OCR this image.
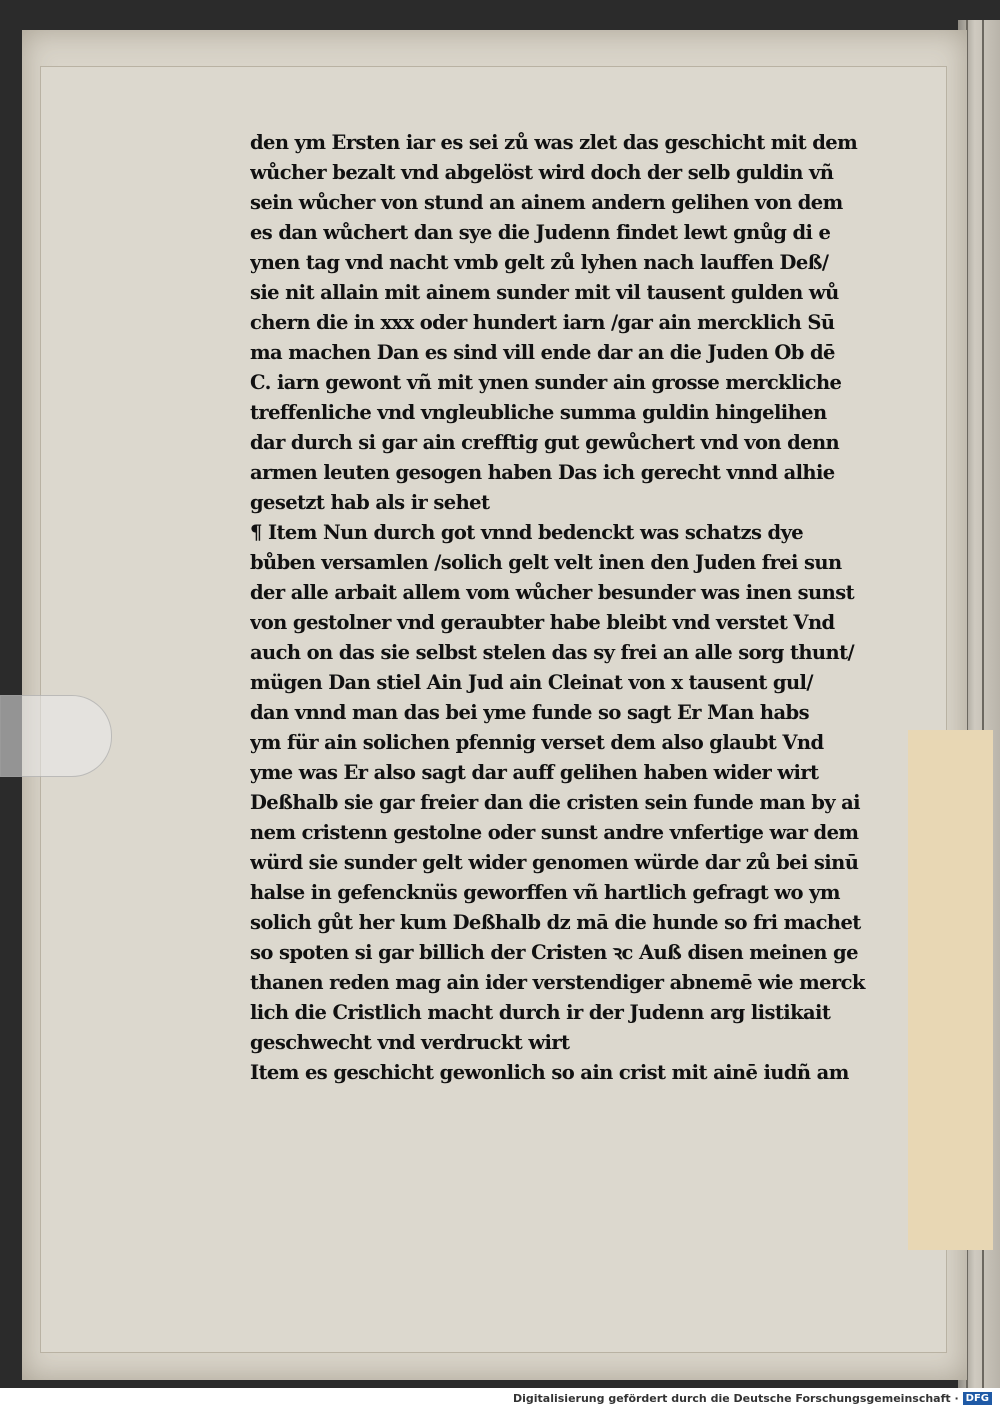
den ym Ersten iar es sei zů was zlet das geschicht mit dem
wůcher bezalt vnd abgelöst wird doch der selb guldin vñ
sein wůcher von stund an ainem andern gelihen von dem
es dan wůchert dan sye die Judenn findet lewt gnůg di e
ynen tag vnd nacht vmb gelt zů lyhen nach lauffen Deß/
sie nit allain mit ainem sunder mit vil tausent gulden wů
chern die in xxx oder hundert iarn /gar ain mercklich Sū
ma machen Dan es sind vill ende dar an die Juden Ob dē
C. iarn gewont vñ mit ynen sunder ain grosse merckliche
treffenliche vnd vngleubliche summa guldin hingelihen
dar durch si gar ain crefftig gut gewůchert vnd von denn
armen leuten gesogen haben Das ich gerecht vnnd alhie
gesetzt hab als ir sehet
¶ Item Nun durch got vnnd bedenckt was schatzs dye
bůben versamlen /solich gelt velt inen den Juden frei sun
der alle arbait allem vom wůcher besunder was inen sunst
von gestolner vnd geraubter habe bleibt vnd verstet Vnd
auch on das sie selbst stelen das sy frei an alle sorg thunt/
mügen Dan stiel Ain Jud ain Cleinat von x tausent gul/
dan vnnd man das bei yme funde so sagt Er Man habs
ym für ain solichen pfennig verset dem also glaubt Vnd
yme was Er also sagt dar auff gelihen haben wider wirt
Deßhalb sie gar freier dan die cristen sein funde man by ai
nem cristenn gestolne oder sunst andre vnfertige war dem
würd sie sunder gelt wider genomen würde dar zů bei sinū
halse in gefencknüs geworffen vñ hartlich gefragt wo ym
solich gůt her kum Deßhalb dz mā die hunde so fri machet
so spoten si gar billich der Cristen ꝛc Auß disen meinen ge
thanen reden mag ain ider verstendiger abnemē wie merck
lich die Cristlich macht durch ir der Judenn arg listikait
geschwecht vnd verdruckt wirt
Item es geschicht gewonlich so ain crist mit ainē iudñ am
Digitalisierung gefördert durch die Deutsche Forschungsgemeinschaft · DFG
